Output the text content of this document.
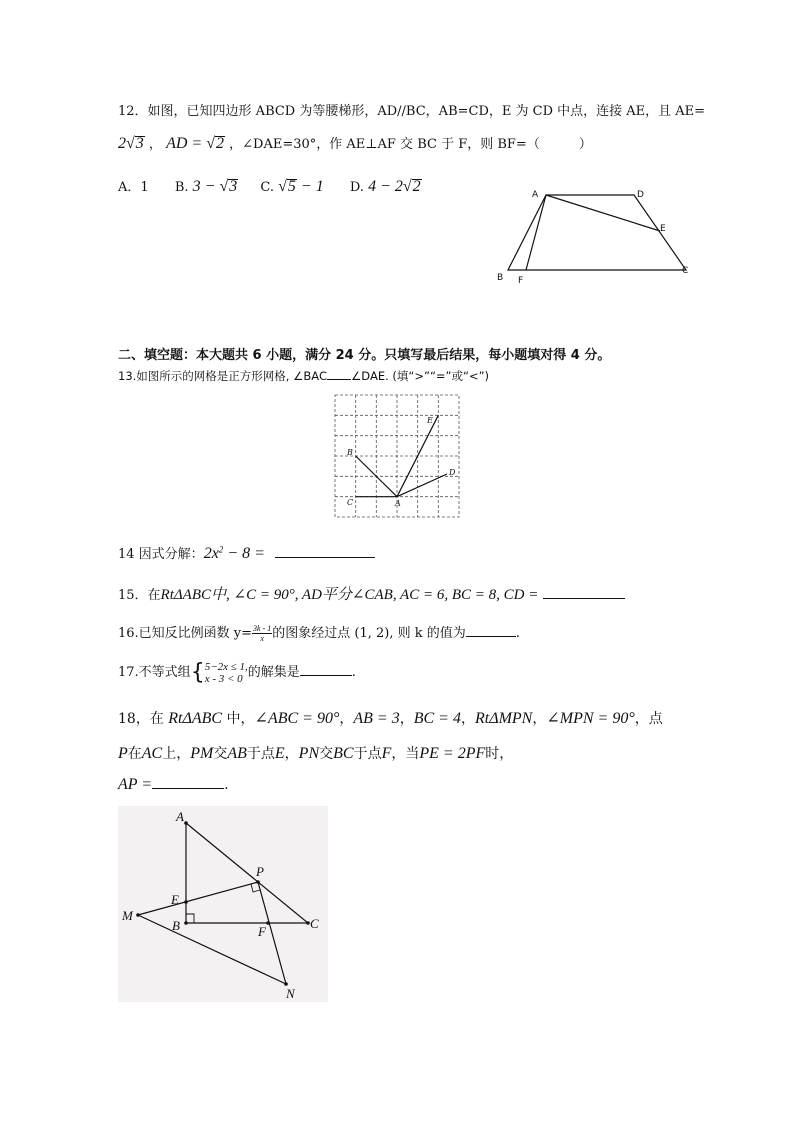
12．如图，已知四边形 ABCD 为等腰梯形，AD//BC，AB=CD，E 为 CD 中点，连接 AE，且 AE=
2√3 ， AD = √2 ，∠DAE=30°，作 AE⊥AF 交 BC 于 F，则 BF=（　　　）
A．1 B. 3 − √3 C. √5 − 1 D. 4 − 2√2	A	D
E
B F
C
二、填空题：本大题共 6 小题，满分 24 分。只填写最后结果，每小题填对得 4 分。
13.如图所示的网格是正方形网格, ∠BAC ∠DAE. (填“>”“=”或“<”)
E
B
D
C	A
14 因式分解：$2x^2 - 8$ =
15．在RtΔABC中, ∠C = 90°, AD平分∠CAB, AC = 6, BC = 8, CD =
16.已知反比例函数 $y= \frac{3k - 1}{x}$的图象经过点 (1, 2), 则 k 的值为	.
17.不等式组{ 5−2x ≤ 1,
x - 3 < 0 的解集是	.
18，在 RtΔABC 中，∠ABC = 90°，AB = 3，BC = 4，RtΔMPN，∠MPN = 90°，点
P在AC上，PM交AB于点E，PN交BC于点F，当PE = 2PF时，
AP =	.
A
P
E
M
B	F
C
N
